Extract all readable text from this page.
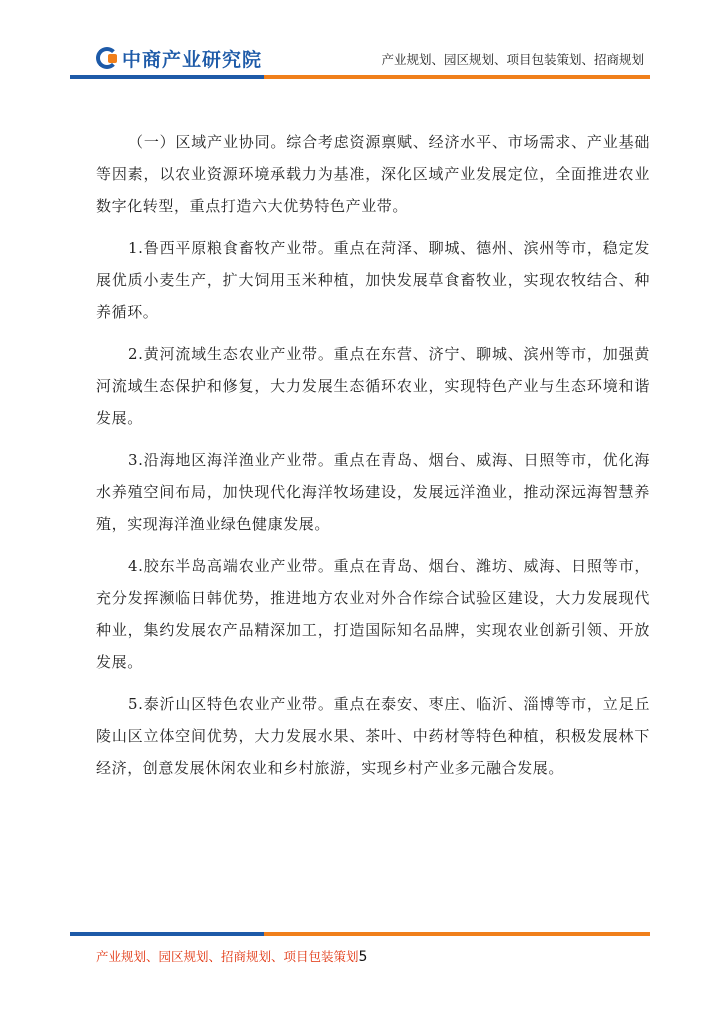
中商产业研究院	产业规划、园区规划、项目包装策划、招商规划

（一）区域产业协同。综合考虑资源禀赋、经济水平、市场需求、产业基础等因素，以农业资源环境承载力为基准，深化区域产业发展定位，全面推进农业数字化转型，重点打造六大优势特色产业带。

1.鲁西平原粮食畜牧产业带。重点在菏泽、聊城、德州、滨州等市，稳定发展优质小麦生产，扩大饲用玉米种植，加快发展草食畜牧业，实现农牧结合、种养循环。

2.黄河流域生态农业产业带。重点在东营、济宁、聊城、滨州等市，加强黄河流域生态保护和修复，大力发展生态循环农业，实现特色产业与生态环境和谐发展。

3.沿海地区海洋渔业产业带。重点在青岛、烟台、威海、日照等市，优化海水养殖空间布局，加快现代化海洋牧场建设，发展远洋渔业，推动深远海智慧养殖，实现海洋渔业绿色健康发展。

4.胶东半岛高端农业产业带。重点在青岛、烟台、潍坊、威海、日照等市，充分发挥濒临日韩优势，推进地方农业对外合作综合试验区建设，大力发展现代种业，集约发展农产品精深加工，打造国际知名品牌，实现农业创新引领、开放发展。

5.泰沂山区特色农业产业带。重点在泰安、枣庄、临沂、淄博等市，立足丘陵山区立体空间优势，大力发展水果、茶叶、中药材等特色种植，积极发展林下经济，创意发展休闲农业和乡村旅游，实现乡村产业多元融合发展。

产业规划、园区规划、招商规划、项目包装策划5
